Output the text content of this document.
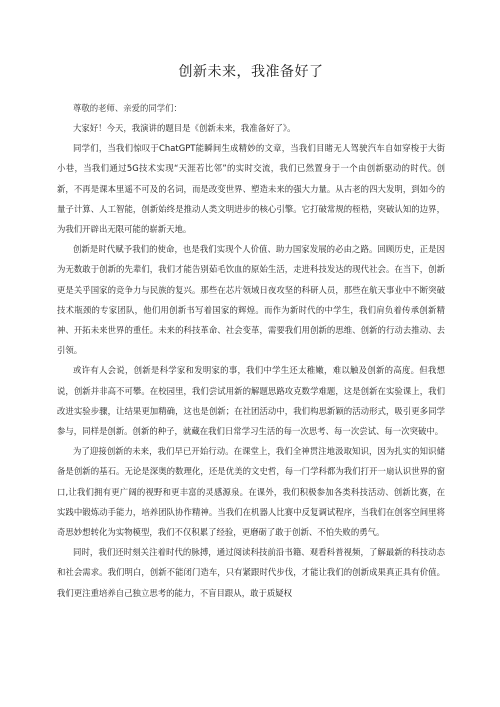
创新未来，我准备好了

尊敬的老师、亲爱的同学们：

大家好！今天，我演讲的题目是《创新未来，我准备好了》。

同学们，当我们惊叹于ChatGPT能瞬间生成精妙的文章，当我们目睹无人驾驶汽车自如穿梭于大街小巷，当我们通过5G技术实现“天涯若比邻”的实时交流，我们已然置身于一个由创新驱动的时代。创新，不再是课本里遥不可及的名词，而是改变世界、塑造未来的强大力量。从古老的四大发明，到如今的量子计算、人工智能，创新始终是推动人类文明进步的核心引擎。它打破常规的桎梏，突破认知的边界，为我们开辟出无限可能的崭新天地。

创新是时代赋予我们的使命，也是我们实现个人价值、助力国家发展的必由之路。回顾历史，正是因为无数敢于创新的先辈们，我们才能告别茹毛饮血的原始生活，走进科技发达的现代社会。在当下，创新更是关乎国家的竞争力与民族的复兴。那些在芯片领域日夜攻坚的科研人员，那些在航天事业中不断突破技术瓶颈的专家团队，他们用创新书写着国家的辉煌。而作为新时代的中学生，我们肩负着传承创新精神、开拓未来世界的重任。未来的科技革命、社会变革，需要我们用创新的思维、创新的行动去推动、去引领。

或许有人会说，创新是科学家和发明家的事，我们中学生还太稚嫩，难以触及创新的高度。但我想说，创新并非高不可攀。在校园里，我们尝试用新的解题思路攻克数学难题，这是创新在实验课上，我们改进实验步骤，让结果更加精确，这也是创新；在社团活动中，我们构思新颖的活动形式，吸引更多同学参与，同样是创新。创新的种子，就藏在我们日常学习生活的每一次思考、每一次尝试、每一次突破中。

为了迎接创新的未来，我们早已开始行动。在课堂上，我们全神贯注地汲取知识，因为扎实的知识储备是创新的基石。无论是深奥的数理化，还是优美的文史哲，每一门学科都为我们打开一扇认识世界的窗口,让我们拥有更广阔的视野和更丰富的灵感源泉。在课外，我们积极参加各类科技活动、创新比赛，在实践中锻炼动手能力，培养团队协作精神。当我们在机器人比赛中反复调试程序，当我们在创客空间里将奇思妙想转化为实物模型，我们不仅积累了经验，更磨砺了敢于创新、不怕失败的勇气。

同时，我们还时刻关注着时代的脉搏，通过阅读科技前沿书籍、观看科普视频，了解最新的科技动态和社会需求。我们明白，创新不能闭门造车，只有紧跟时代步伐，才能让我们的创新成果真正具有价值。我们更注重培养自己独立思考的能力，不盲目跟从，敢于质疑权
